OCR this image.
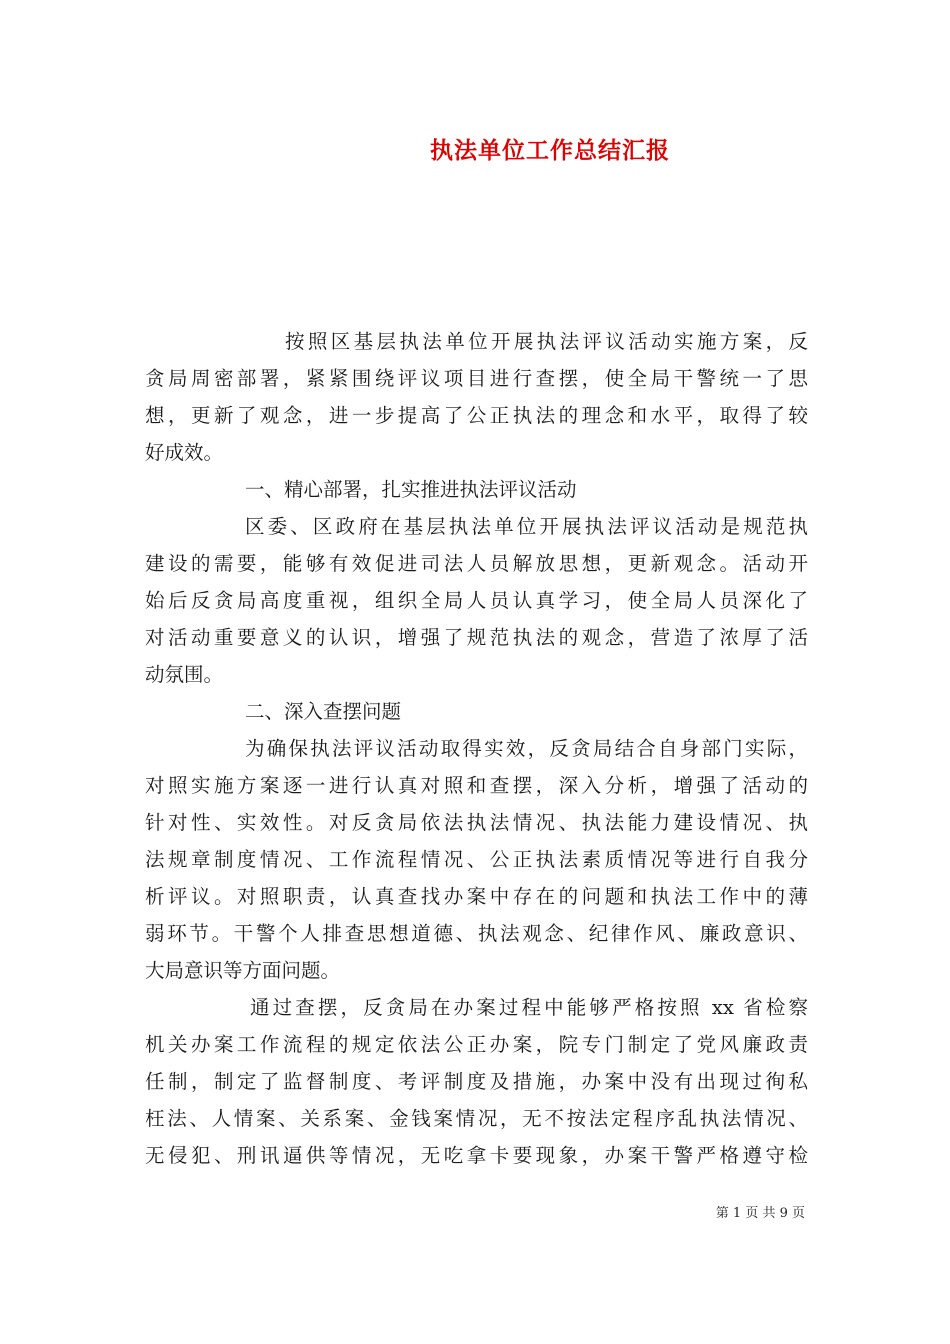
执法单位工作总结汇报
按照区基层执法单位开展执法评议活动实施方案，反
贪局周密部署，紧紧围绕评议项目进行查摆，使全局干警统一了思
想，更新了观念，进一步提高了公正执法的理念和水平，取得了较
好成效。
一、精心部署，扎实推进执法评议活动
区委、区政府在基层执法单位开展执法评议活动是规范执
建设的需要，能够有效促进司法人员解放思想，更新观念。活动开
始后反贪局高度重视，组织全局人员认真学习，使全局人员深化了
对活动重要意义的认识，增强了规范执法的观念，营造了浓厚了活
动氛围。
二、深入查摆问题
为确保执法评议活动取得实效，反贪局结合自身部门实际，
对照实施方案逐一进行认真对照和查摆，深入分析，增强了活动的
针对性、实效性。对反贪局依法执法情况、执法能力建设情况、执
法规章制度情况、工作流程情况、公正执法素质情况等进行自我分
析评议。对照职责，认真查找办案中存在的问题和执法工作中的薄
弱环节。干警个人排查思想道德、执法观念、纪律作风、廉政意识、
大局意识等方面问题。
通过查摆，反贪局在办案过程中能够严格按照 xx 省检察
机关办案工作流程的规定依法公正办案，院专门制定了党风廉政责
任制，制定了监督制度、考评制度及措施，办案中没有出现过徇私
枉法、人情案、关系案、金钱案情况，无不按法定程序乱执法情况、
无侵犯、刑讯逼供等情况，无吃拿卡要现象，办案干警严格遵守检
第 1 页 共 9 页
